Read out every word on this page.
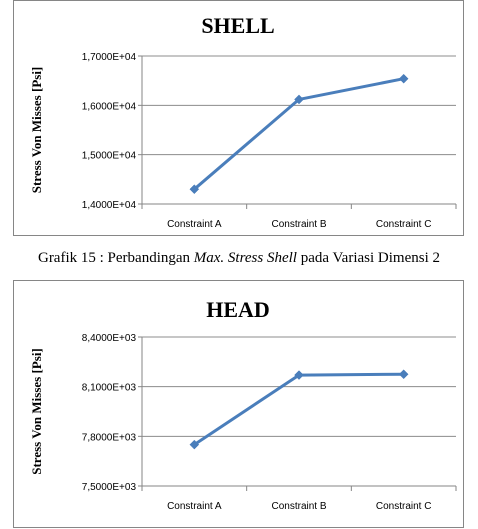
SHELL
Stress Von Misses [Psi]
1,4000E+04
1,5000E+04
1,6000E+04
1,7000E+04
Constraint A	Constraint B	Constraint C
Grafik 15 : Perbandingan Max. Stress Shell pada Variasi Dimensi 2
HEAD
Stress Von Misses [Psi]
7,5000E+03
7,8000E+03
8,1000E+03
8,4000E+03
Constraint A	Constraint B	Constraint C
